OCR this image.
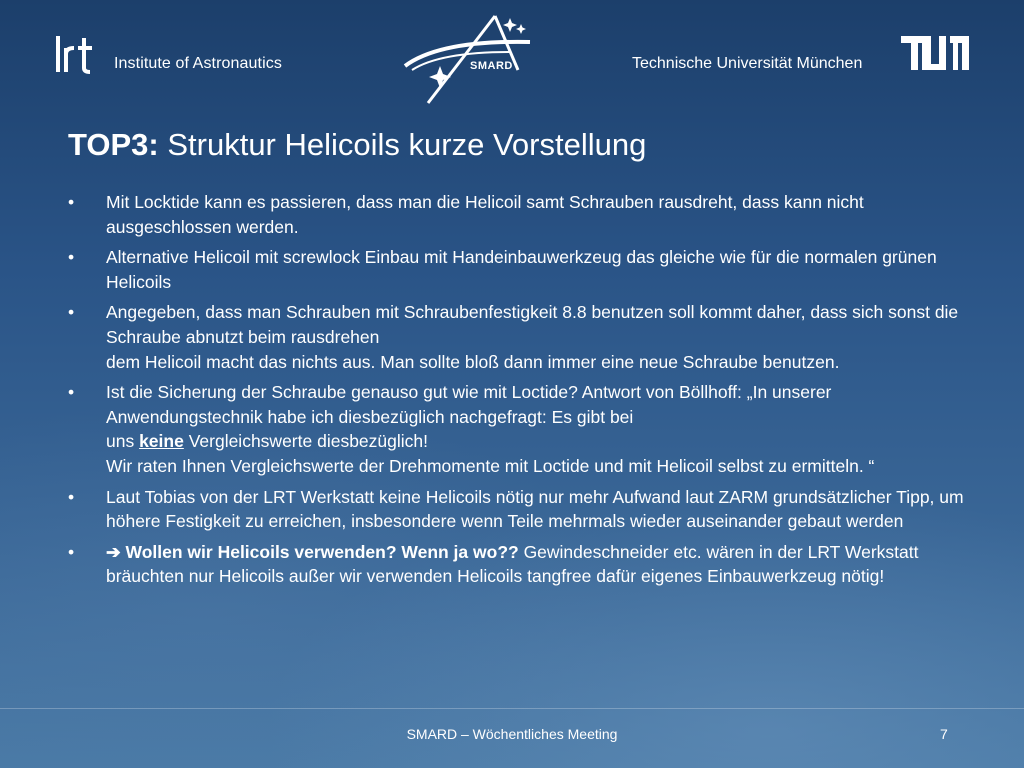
Institute of Astronautics	SMARD	Technische Universität München
TOP3: Struktur Helicoils kurze Vorstellung
• Mit Locktide kann es passieren, dass man die Helicoil samt Schrauben rausdreht, dass kann nicht ausgeschlossen werden.

• Alternative Helicoil mit screwlock Einbau mit Handeinbauwerkzeug das gleiche wie für die normalen grünen Helicoils

• Angegeben, dass man Schrauben mit Schraubenfestigkeit 8.8 benutzen soll kommt daher, dass sich sonst die Schraube abnutzt beim rausdrehen

dem Helicoil macht das nichts aus. Man sollte bloß dann immer eine neue Schraube benutzen.

• Ist die Sicherung der Schraube genauso gut wie mit Loctide? Antwort von Böllhoff: „In unserer Anwendungstechnik habe ich diesbezüglich nachgefragt: Es gibt bei

uns keine Vergleichswerte diesbezüglich!

Wir raten Ihnen Vergleichswerte der Drehmomente mit Loctide und mit Helicoil selbst zu ermitteln. “

• Laut Tobias von der LRT Werkstatt keine Helicoils nötig nur mehr Aufwand laut ZARM grundsätzlicher Tipp, um höhere Festigkeit zu erreichen, insbesondere wenn Teile mehrmals wieder auseinander gebaut werden

• ➔ Wollen wir Helicoils verwenden? Wenn ja wo?? Gewindeschneider etc. wären in der LRT Werkstatt bräuchten nur Helicoils außer wir verwenden Helicoils tangfree dafür eigenes Einbauwerkzeug nötig!

SMARD – Wöchentliches Meeting	7
